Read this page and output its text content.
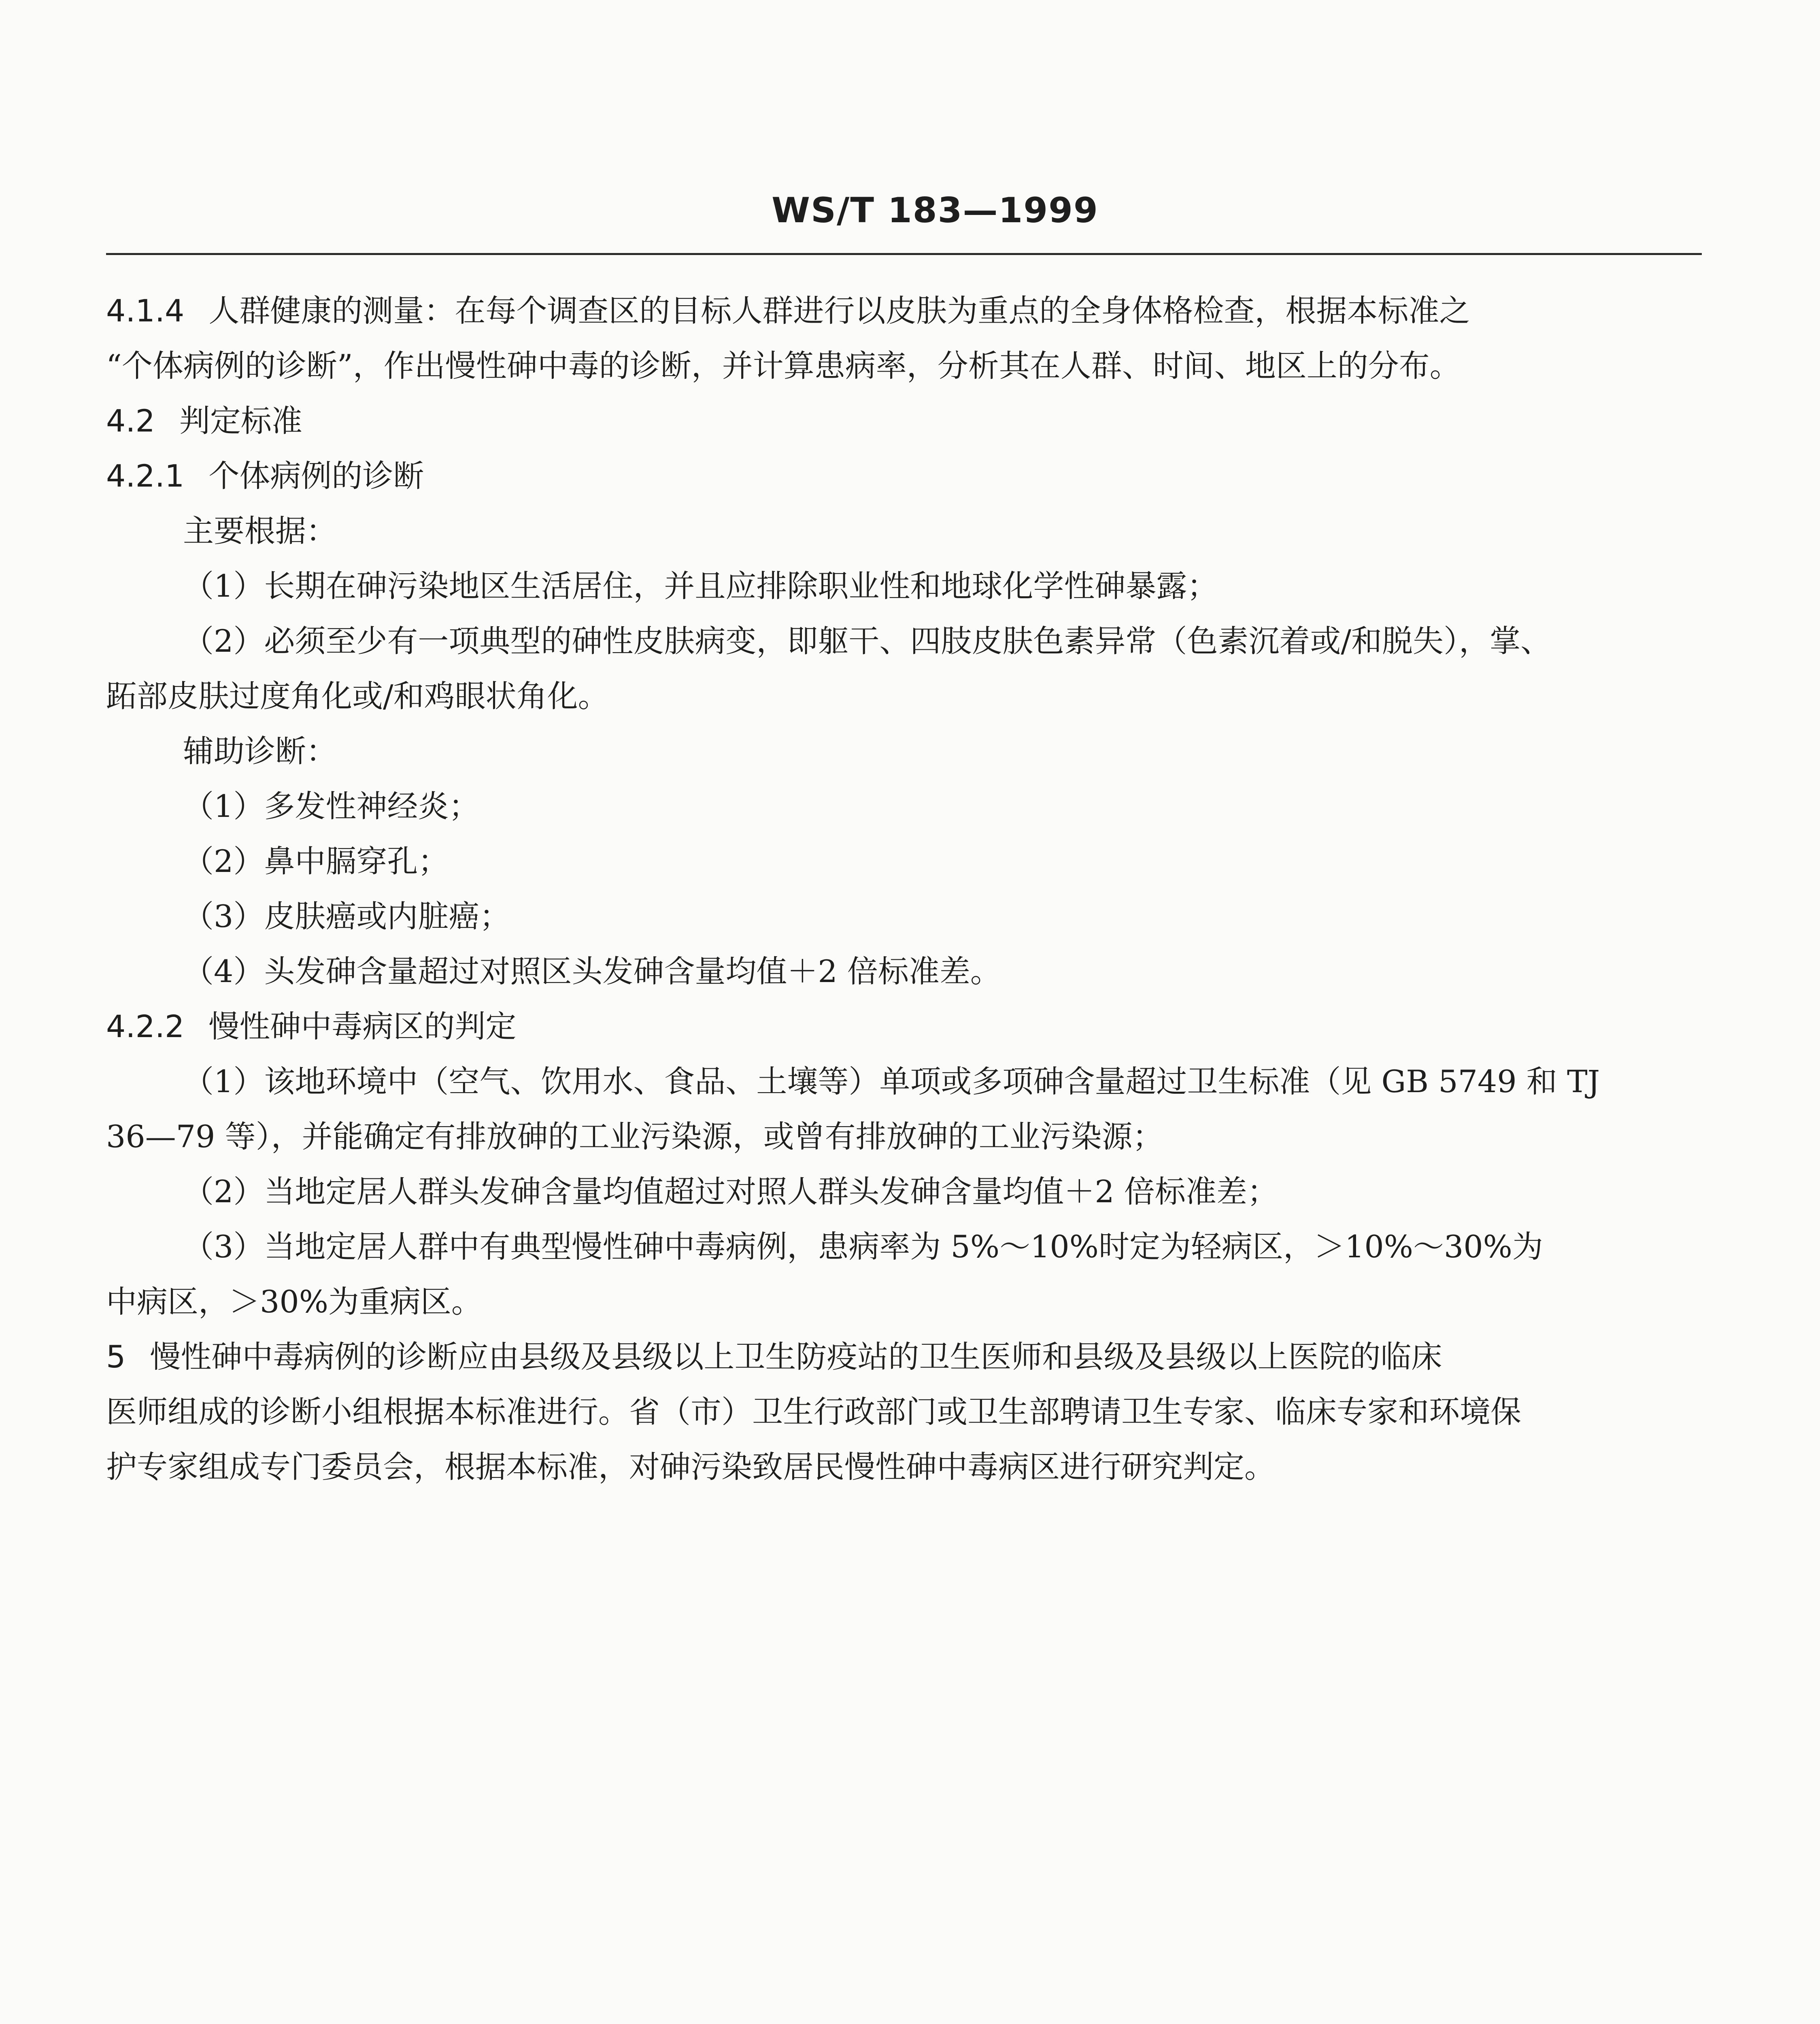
WS/T 183—1999

4.1.4 人群健康的测量：在每个调查区的目标人群进行以皮肤为重点的全身体格检查，根据本标准之

“个体病例的诊断”，作出慢性砷中毒的诊断，并计算患病率，分析其在人群、时间、地区上的分布。

4.2 判定标准

4.2.1 个体病例的诊断

主要根据：

（1）长期在砷污染地区生活居住，并且应排除职业性和地球化学性砷暴露；

（2）必须至少有一项典型的砷性皮肤病变，即躯干、四肢皮肤色素异常（色素沉着或/和脱失），掌、

跖部皮肤过度角化或/和鸡眼状角化。

辅助诊断：

（1）多发性神经炎；

（2）鼻中膈穿孔；

（3）皮肤癌或内脏癌；

（4）头发砷含量超过对照区头发砷含量均值＋2 倍标准差。

4.2.2 慢性砷中毒病区的判定

（1）该地环境中（空气、饮用水、食品、土壤等）单项或多项砷含量超过卫生标准（见 GB 5749 和 TJ

36—79 等），并能确定有排放砷的工业污染源，或曾有排放砷的工业污染源；

（2）当地定居人群头发砷含量均值超过对照人群头发砷含量均值＋2 倍标准差；

（3）当地定居人群中有典型慢性砷中毒病例，患病率为 5%～10%时定为轻病区，＞10%～30%为

中病区，＞30%为重病区。

5 慢性砷中毒病例的诊断应由县级及县级以上卫生防疫站的卫生医师和县级及县级以上医院的临床

医师组成的诊断小组根据本标准进行。省（市）卫生行政部门或卫生部聘请卫生专家、临床专家和环境保

护专家组成专门委员会，根据本标准，对砷污染致居民慢性砷中毒病区进行研究判定。
